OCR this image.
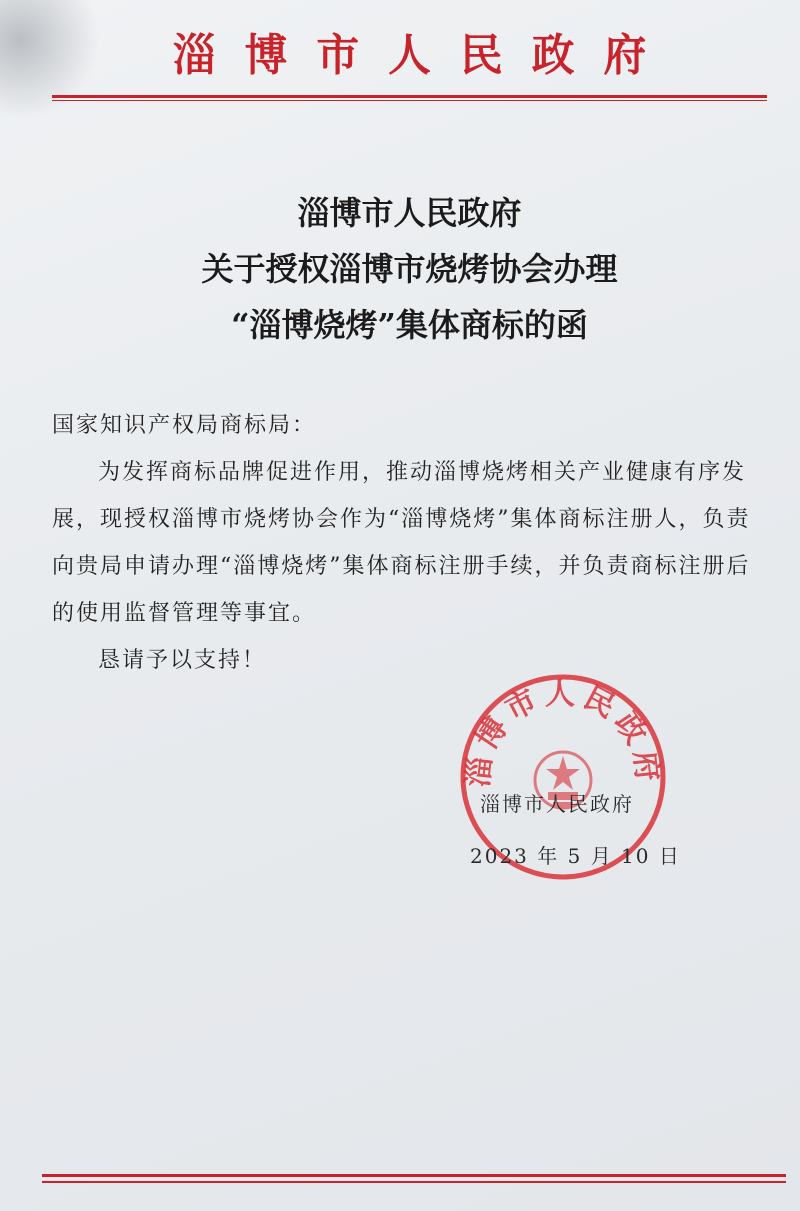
淄博市人民政府
淄博市人民政府
关于授权淄博市烧烤协会办理
“淄博烧烤”集体商标的函

国家知识产权局商标局：

为发挥商标品牌促进作用，推动淄博烧烤相关产业健康有序发展，现授权淄博市烧烤协会作为“淄博烧烤”集体商标注册人，负责向贵局申请办理“淄博烧烤”集体商标注册手续，并负责商标注册后的使用监督管理等事宜。

恳请予以支持！

淄博市人民政府
淄博市人民政府
2023 年 5 月 10 日
